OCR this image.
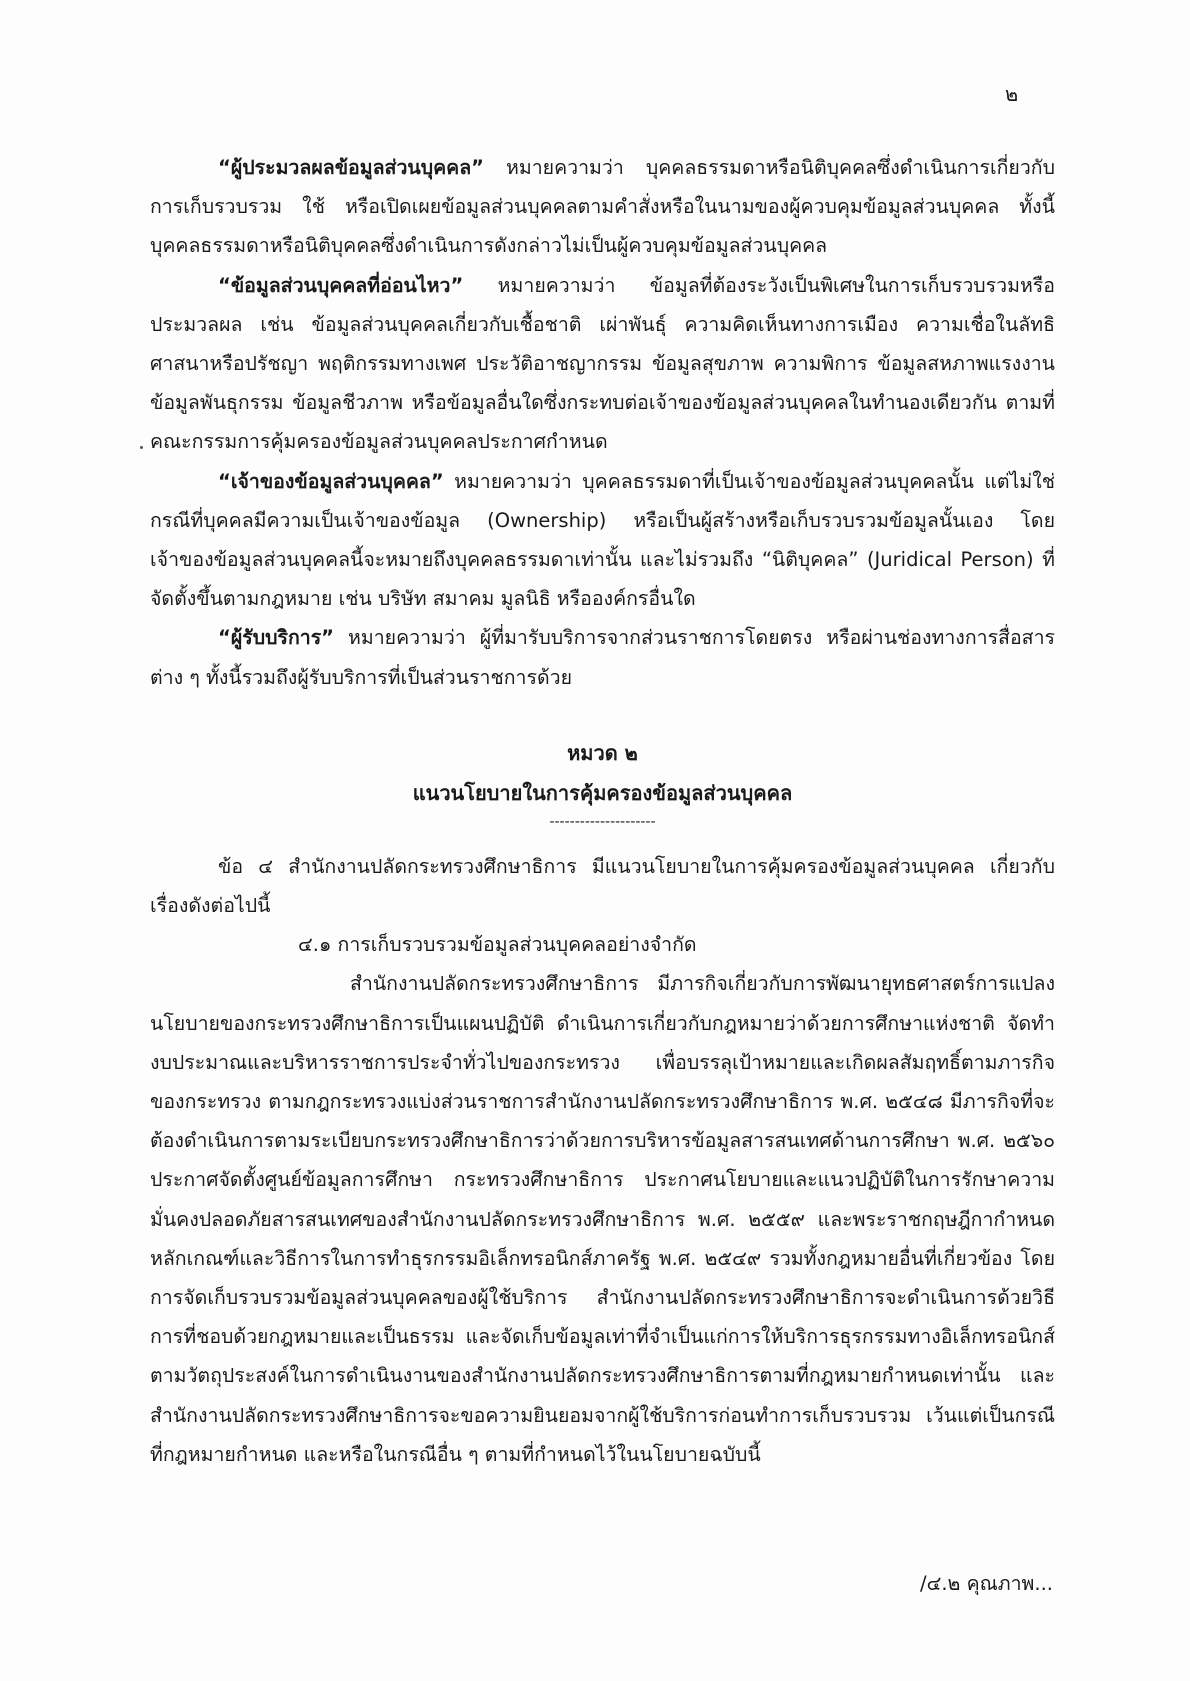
๒

“ผู้ประมวลผลข้อมูลส่วนบุคคล” หมายความว่า บุคคลธรรมดาหรือนิติบุคคลซึ่งดำเนินการเกี่ยวกับการเก็บรวบรวม ใช้ หรือเปิดเผยข้อมูลส่วนบุคคลตามคำสั่งหรือในนามของผู้ควบคุมข้อมูลส่วนบุคคล ทั้งนี้ บุคคลธรรมดาหรือนิติบุคคลซึ่งดำเนินการดังกล่าวไม่เป็นผู้ควบคุมข้อมูลส่วนบุคคล

“ข้อมูลส่วนบุคคลที่อ่อนไหว” หมายความว่า ข้อมูลที่ต้องระวังเป็นพิเศษในการเก็บรวบรวมหรือประมวลผล เช่น ข้อมูลส่วนบุคคลเกี่ยวกับเชื้อชาติ เผ่าพันธุ์ ความคิดเห็นทางการเมือง ความเชื่อในลัทธิ ศาสนาหรือปรัชญา พฤติกรรมทางเพศ ประวัติอาชญากรรม ข้อมูลสุขภาพ ความพิการ ข้อมูลสหภาพแรงงาน ข้อมูลพันธุกรรม ข้อมูลชีวภาพ หรือข้อมูลอื่นใดซึ่งกระทบต่อเจ้าของข้อมูลส่วนบุคคลในทำนองเดียวกัน ตามที่คณะกรรมการคุ้มครองข้อมูลส่วนบุคคลประกาศกำหนด

“เจ้าของข้อมูลส่วนบุคคล” หมายความว่า บุคคลธรรมดาที่เป็นเจ้าของข้อมูลส่วนบุคคลนั้น แต่ไม่ใช่กรณีที่บุคคลมีความเป็นเจ้าของข้อมูล (Ownership) หรือเป็นผู้สร้างหรือเก็บรวบรวมข้อมูลนั้นเอง โดยเจ้าของข้อมูลส่วนบุคคลนี้จะหมายถึงบุคคลธรรมดาเท่านั้น และไม่รวมถึง “นิติบุคคล” (Juridical Person) ที่จัดตั้งขึ้นตามกฎหมาย เช่น บริษัท สมาคม มูลนิธิ หรือองค์กรอื่นใด

“ผู้รับบริการ” หมายความว่า ผู้ที่มารับบริการจากส่วนราชการโดยตรง หรือผ่านช่องทางการสื่อสารต่าง ๆ ทั้งนี้รวมถึงผู้รับบริการที่เป็นส่วนราชการด้วย

หมวด ๒

แนวนโยบายในการคุ้มครองข้อมูลส่วนบุคคล

---------------------

ข้อ ๔ สำนักงานปลัดกระทรวงศึกษาธิการ มีแนวนโยบายในการคุ้มครองข้อมูลส่วนบุคคล เกี่ยวกับเรื่องดังต่อไปนี้

๔.๑ การเก็บรวบรวมข้อมูลส่วนบุคคลอย่างจำกัด

สำนักงานปลัดกระทรวงศึกษาธิการ มีภารกิจเกี่ยวกับการพัฒนายุทธศาสตร์การแปลงนโยบายของกระทรวงศึกษาธิการเป็นแผนปฏิบัติ ดำเนินการเกี่ยวกับกฎหมายว่าด้วยการศึกษาแห่งชาติ จัดทำงบประมาณและบริหารราชการประจำทั่วไปของกระทรวง เพื่อบรรลุเป้าหมายและเกิดผลสัมฤทธิ์ตามภารกิจของกระทรวง ตามกฎกระทรวงแบ่งส่วนราชการสำนักงานปลัดกระทรวงศึกษาธิการ พ.ศ. ๒๕๔๘ มีภารกิจที่จะต้องดำเนินการตามระเบียบกระทรวงศึกษาธิการว่าด้วยการบริหารข้อมูลสารสนเทศด้านการศึกษา พ.ศ. ๒๕๖๐ ประกาศจัดตั้งศูนย์ข้อมูลการศึกษา กระทรวงศึกษาธิการ ประกาศนโยบายและแนวปฏิบัติในการรักษาความมั่นคงปลอดภัยสารสนเทศของสำนักงานปลัดกระทรวงศึกษาธิการ พ.ศ. ๒๕๕๙ และพระราชกฤษฎีกากำหนดหลักเกณฑ์และวิธีการในการทำธุรกรรมอิเล็กทรอนิกส์ภาครัฐ พ.ศ. ๒๕๔๙ รวมทั้งกฎหมายอื่นที่เกี่ยวข้อง โดยการจัดเก็บรวบรวมข้อมูลส่วนบุคคลของผู้ใช้บริการ สำนักงานปลัดกระทรวงศึกษาธิการจะดำเนินการด้วยวิธีการที่ชอบด้วยกฎหมายและเป็นธรรม และจัดเก็บข้อมูลเท่าที่จำเป็นแก่การให้บริการธุรกรรมทางอิเล็กทรอนิกส์ตามวัตถุประสงค์ในการดำเนินงานของสำนักงานปลัดกระทรวงศึกษาธิการตามที่กฎหมายกำหนดเท่านั้น และสำนักงานปลัดกระทรวงศึกษาธิการจะขอความยินยอมจากผู้ใช้บริการก่อนทำการเก็บรวบรวม เว้นแต่เป็นกรณีที่กฎหมายกำหนด และหรือในกรณีอื่น ๆ ตามที่กำหนดไว้ในนโยบายฉบับนี้

/๔.๒ คุณภาพ...
